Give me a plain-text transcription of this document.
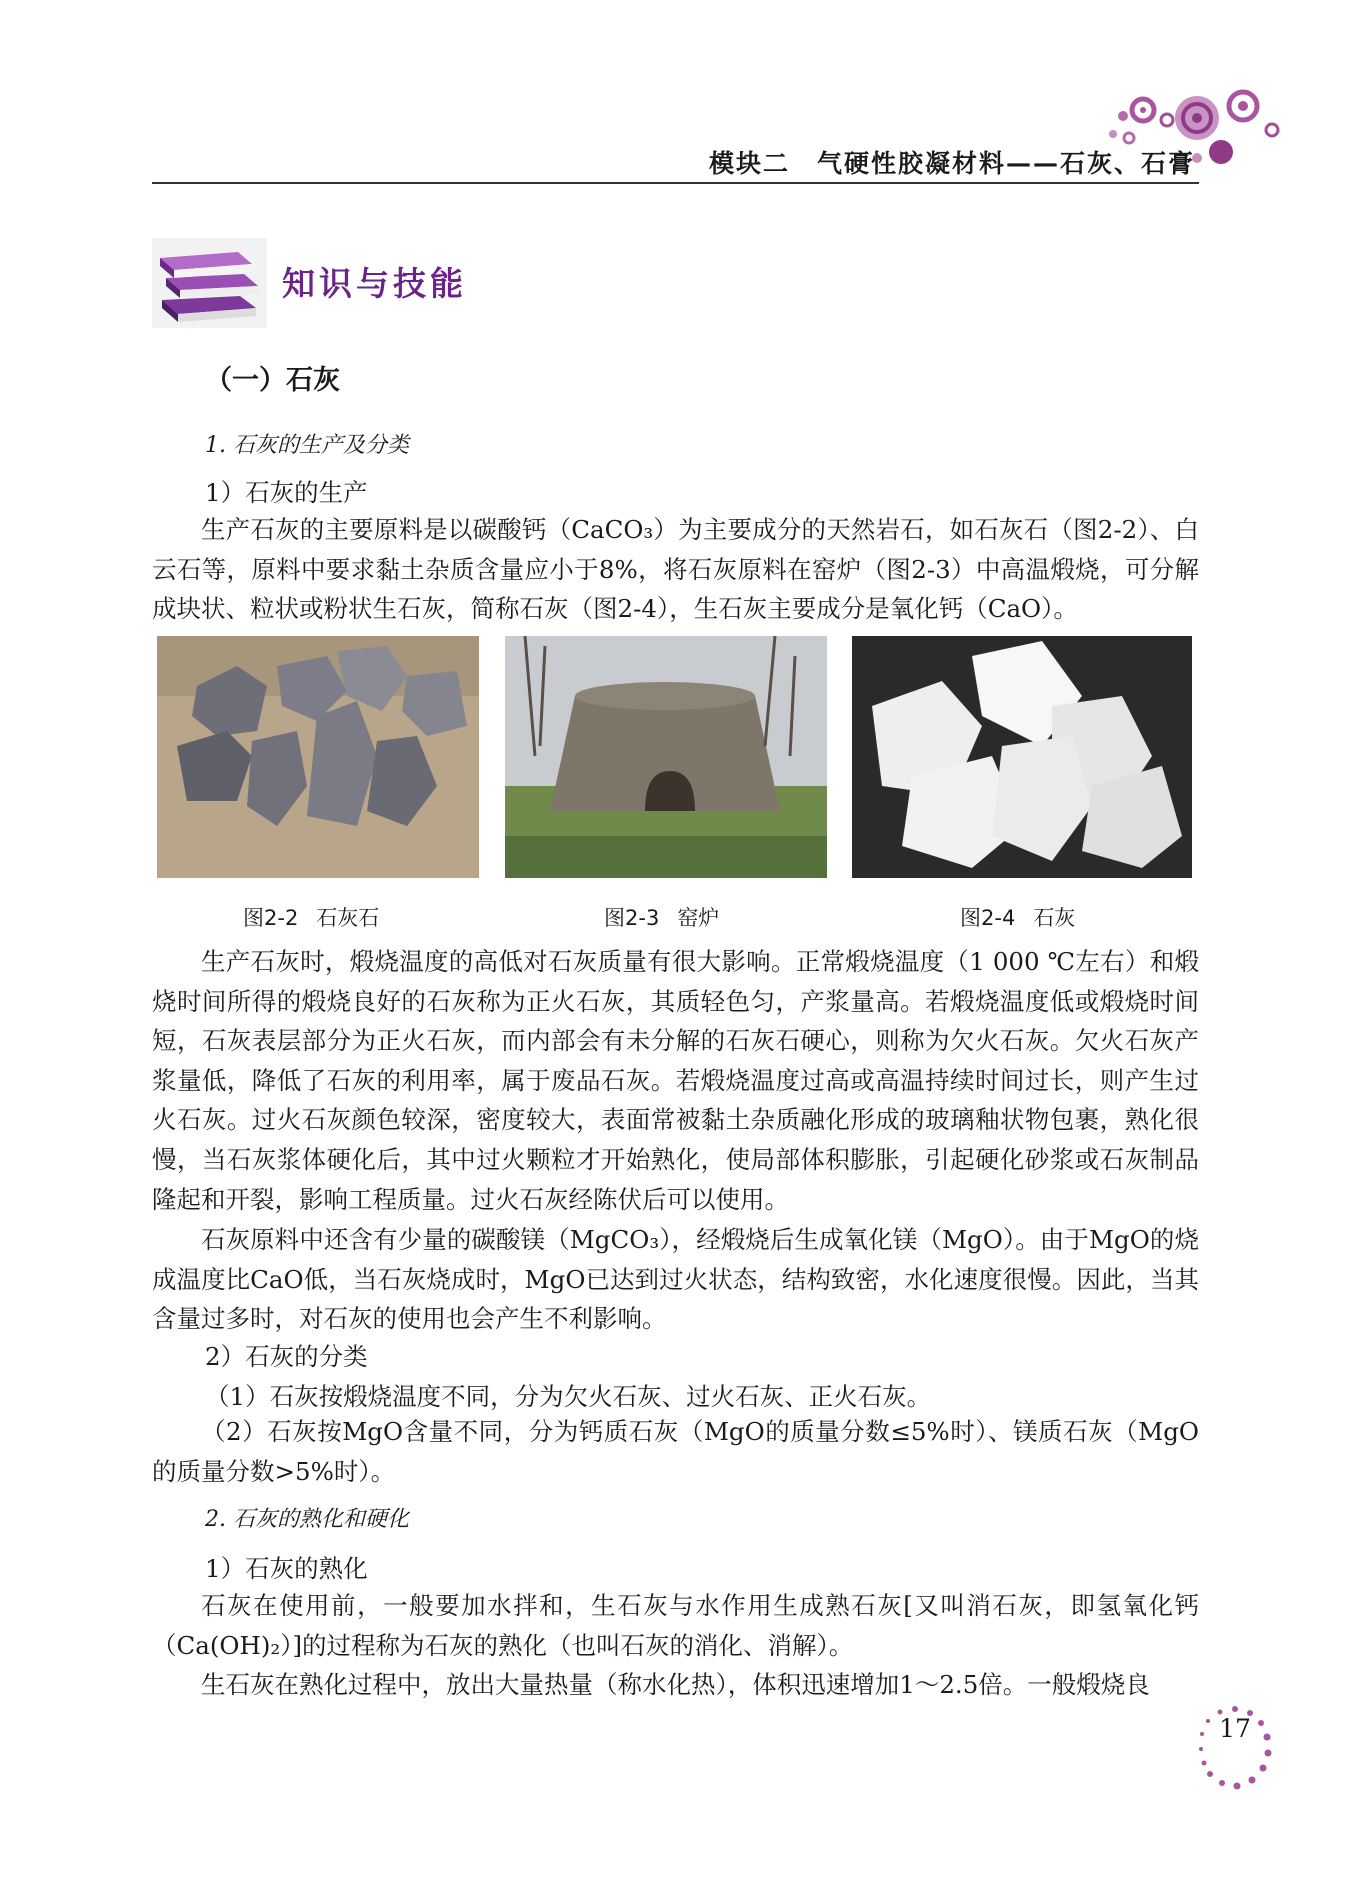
模块二　气硬性胶凝材料——石灰、石膏
知识与技能
（一）石灰
1. 石灰的生产及分类
1）石灰的生产
生产石灰的主要原料是以碳酸钙（CaCO₃）为主要成分的天然岩石，如石灰石（图2-2）、白云石等，原料中要求黏土杂质含量应小于8%，将石灰原料在窑炉（图2-3）中高温煅烧，可分解成块状、粒状或粉状生石灰，简称石灰（图2-4），生石灰主要成分是氧化钙（CaO）。
图2-2 石灰石	图2-3 窑炉	图2-4 石灰
生产石灰时，煅烧温度的高低对石灰质量有很大影响。正常煅烧温度（1 000 ℃左右）和煅烧时间所得的煅烧良好的石灰称为正火石灰，其质轻色匀，产浆量高。若煅烧温度低或煅烧时间短，石灰表层部分为正火石灰，而内部会有未分解的石灰石硬心，则称为欠火石灰。欠火石灰产浆量低，降低了石灰的利用率，属于废品石灰。若煅烧温度过高或高温持续时间过长，则产生过火石灰。过火石灰颜色较深，密度较大，表面常被黏土杂质融化形成的玻璃釉状物包裹，熟化很慢，当石灰浆体硬化后，其中过火颗粒才开始熟化，使局部体积膨胀，引起硬化砂浆或石灰制品隆起和开裂，影响工程质量。过火石灰经陈伏后可以使用。
石灰原料中还含有少量的碳酸镁（MgCO₃），经煅烧后生成氧化镁（MgO）。由于MgO的烧成温度比CaO低，当石灰烧成时，MgO已达到过火状态，结构致密，水化速度很慢。因此，当其含量过多时，对石灰的使用也会产生不利影响。
2）石灰的分类
（1）石灰按煅烧温度不同，分为欠火石灰、过火石灰、正火石灰。
（2）石灰按MgO含量不同，分为钙质石灰（MgO的质量分数≤5%时）、镁质石灰（MgO的质量分数>5%时）。
2. 石灰的熟化和硬化
1）石灰的熟化
石灰在使用前，一般要加水拌和，生石灰与水作用生成熟石灰[又叫消石灰，即氢氧化钙（Ca(OH)₂）]的过程称为石灰的熟化（也叫石灰的消化、消解）。
生石灰在熟化过程中，放出大量热量（称水化热），体积迅速增加1～2.5倍。一般煅烧良
17
